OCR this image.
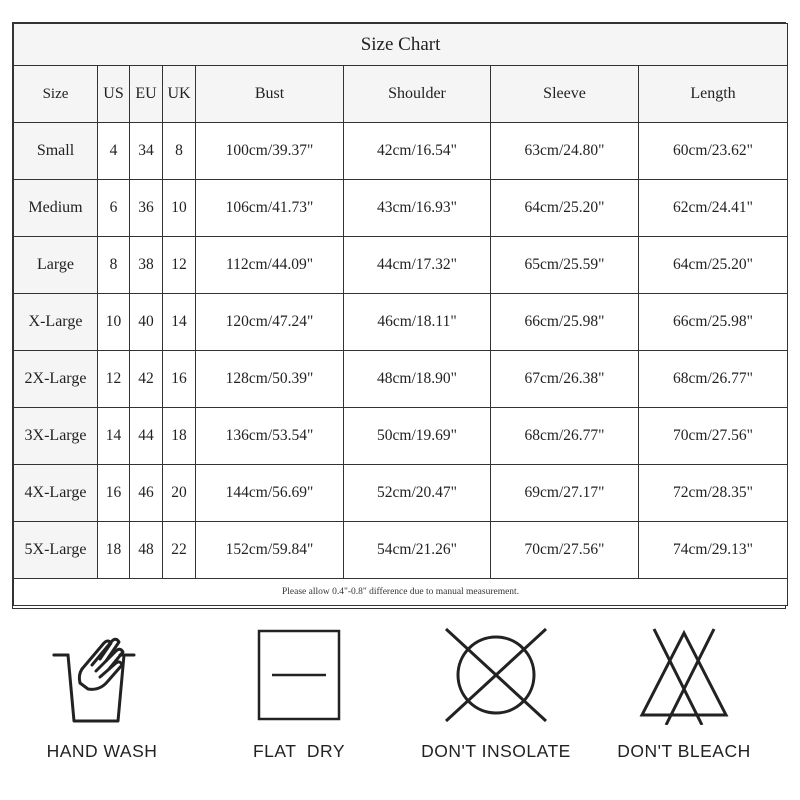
Size Chart							
Size	US	EU	UK	Bust	Shoulder	Sleeve	Length
Small	4	34	8	100cm/39.37"	42cm/16.54"	63cm/24.80"	60cm/23.62"
Medium	6	36	10	106cm/41.73"	43cm/16.93"	64cm/25.20"	62cm/24.41"
Large	8	38	12	112cm/44.09"	44cm/17.32"	65cm/25.59"	64cm/25.20"
X-Large	10	40	14	120cm/47.24"	46cm/18.11"	66cm/25.98"	66cm/25.98"
2X-Large	12	42	16	128cm/50.39"	48cm/18.90"	67cm/26.38"	68cm/26.77"
3X-Large	14	44	18	136cm/53.54"	50cm/19.69"	68cm/26.77"	70cm/27.56"
4X-Large	16	46	20	144cm/56.69"	52cm/20.47"	69cm/27.17"	72cm/28.35"
5X-Large	18	48	22	152cm/59.84"	54cm/21.26"	70cm/27.56"	74cm/29.13"
Please allow 0.4"-0.8" difference due to manual measurement.							
HAND WASH	FLAT  DRY	DON'T INSOLATE	DON'T BLEACH
